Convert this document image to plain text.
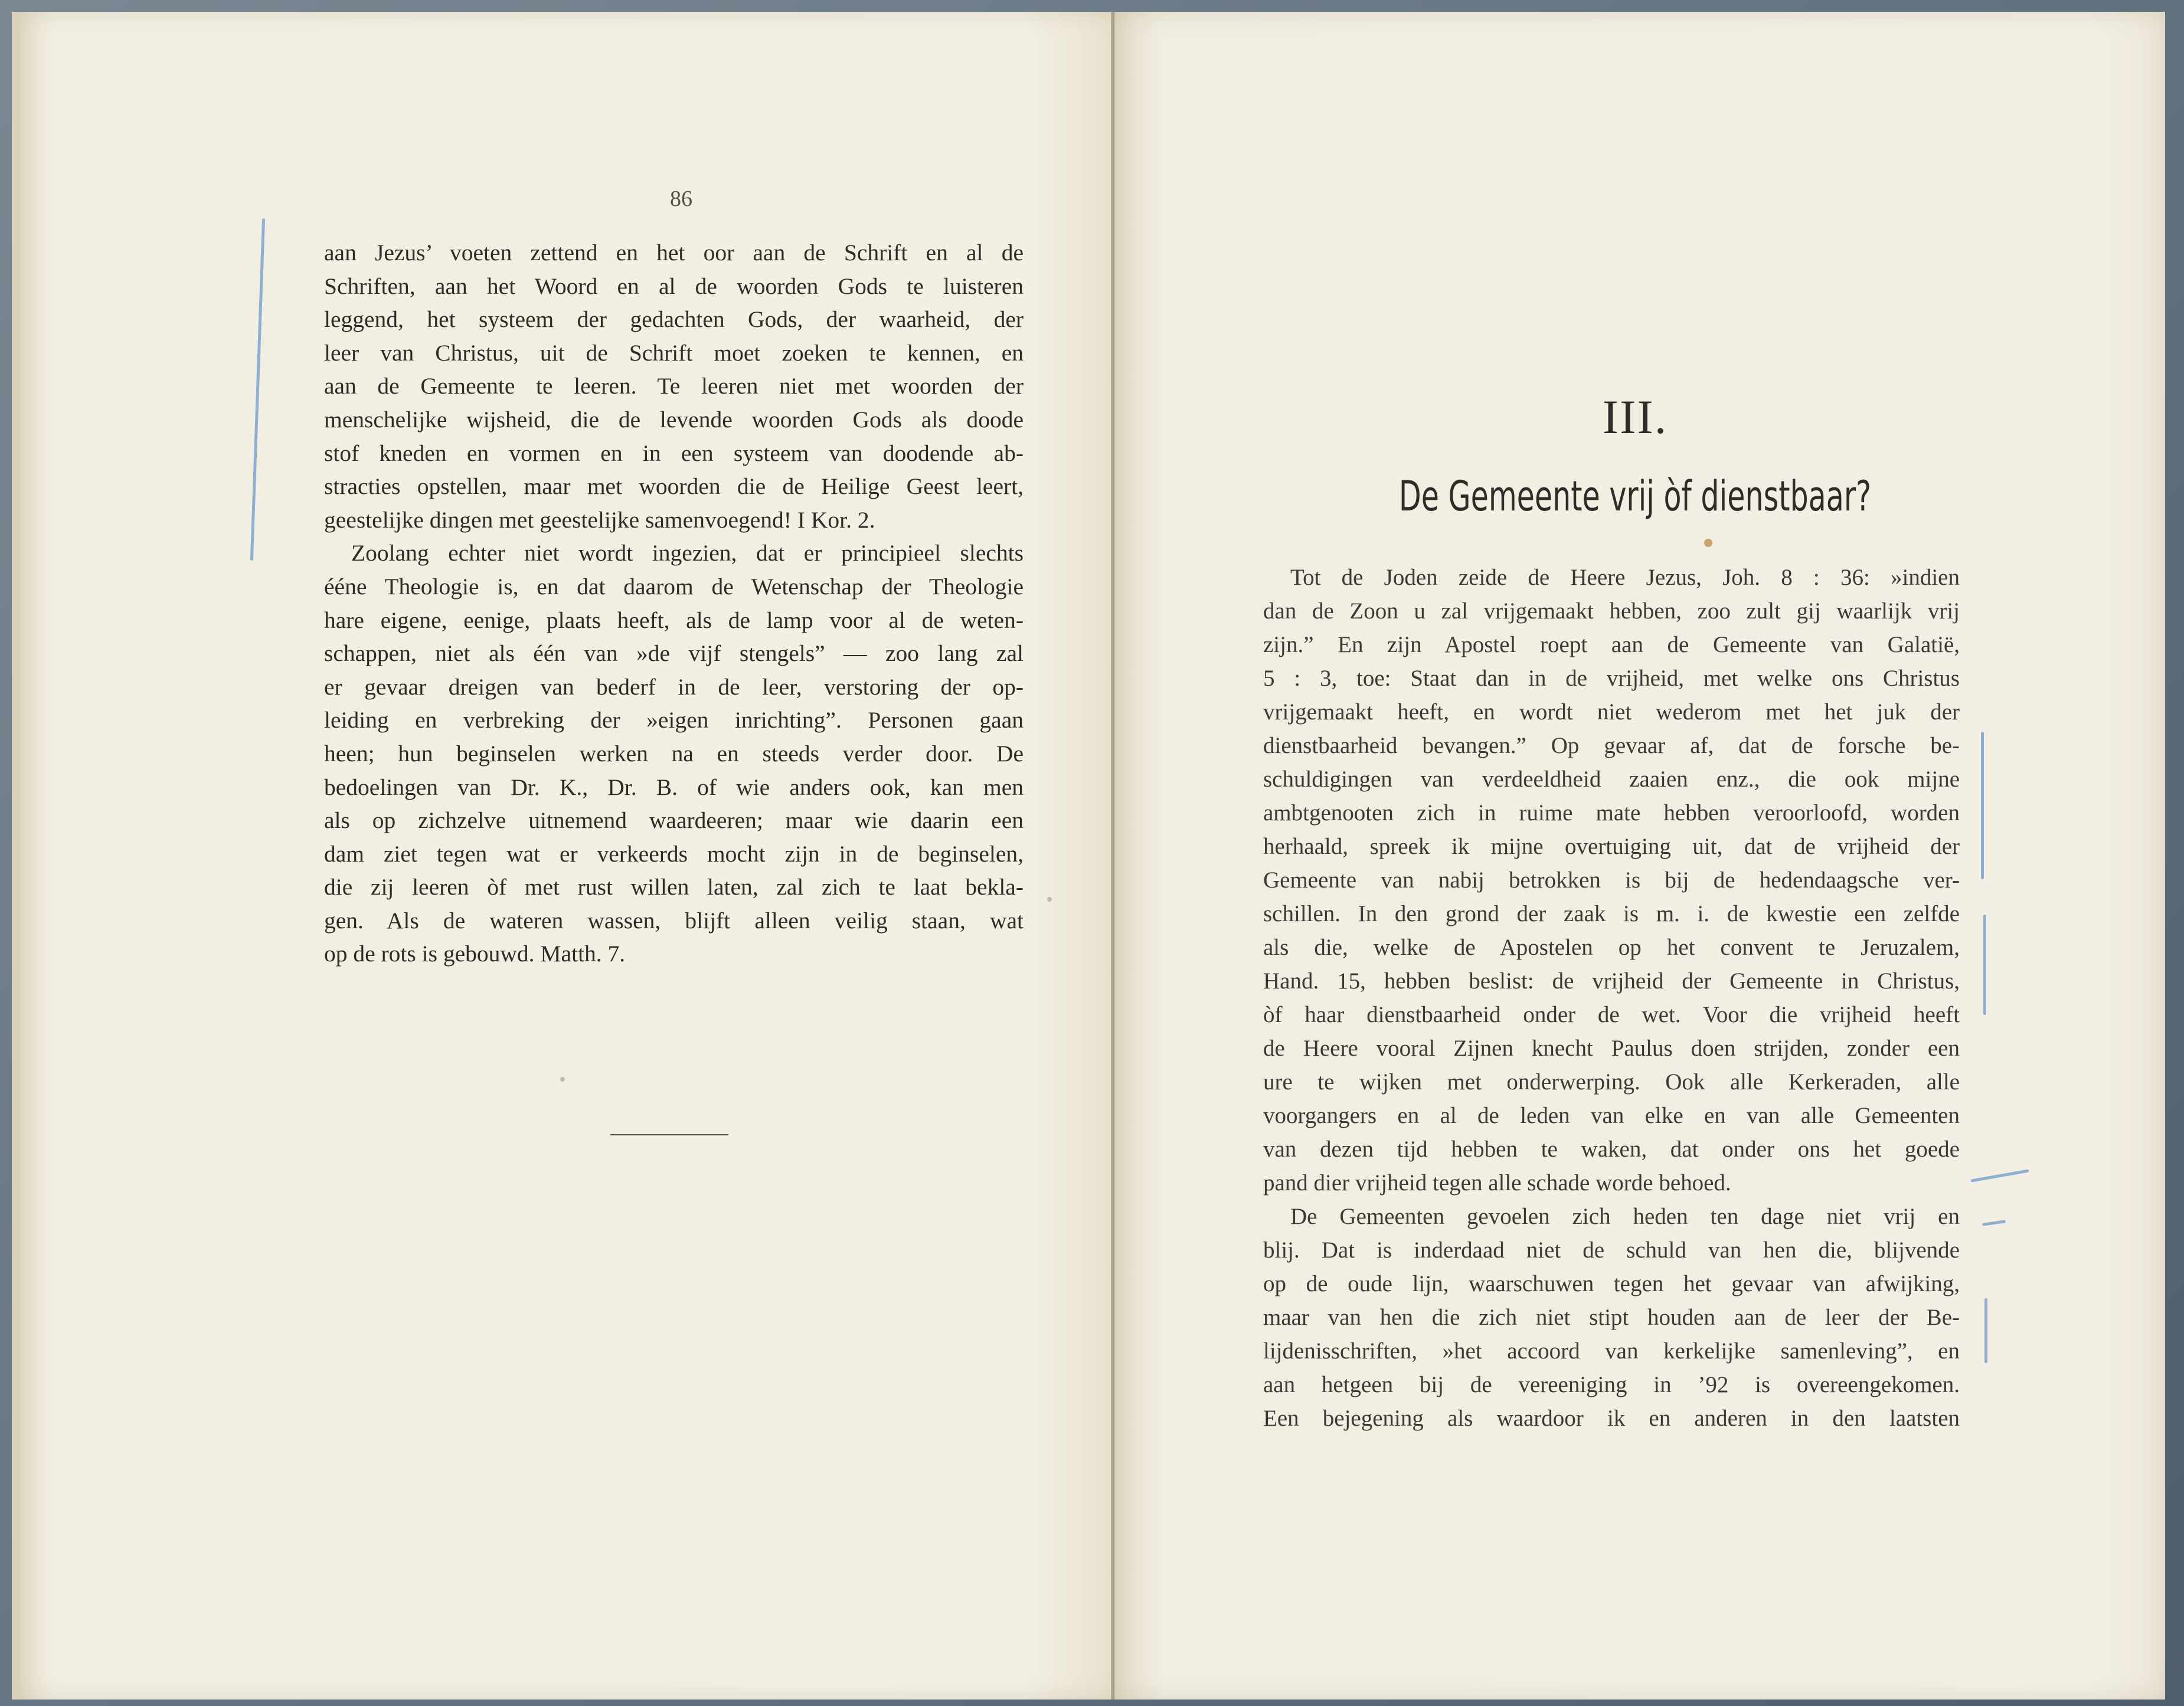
86
aan Jezus’ voeten zettend en het oor aan de Schrift en al de
Schriften, aan het Woord en al de woorden Gods te luisteren
leggend, het systeem der gedachten Gods, der waarheid, der
leer van Christus, uit de Schrift moet zoeken te kennen, en
aan de Gemeente te leeren. Te leeren niet met woorden der
menschelijke wijsheid, die de levende woorden Gods als doode
stof kneden en vormen en in een systeem van doodende ab-
stracties opstellen, maar met woorden die de Heilige Geest leert,
geestelijke dingen met geestelijke samenvoegend! I Kor. 2.
Zoolang echter niet wordt ingezien, dat er principieel slechts
ééne Theologie is, en dat daarom de Wetenschap der Theologie
hare eigene, eenige, plaats heeft, als de lamp voor al de weten-
schappen, niet als één van »de vijf stengels” — zoo lang zal
er gevaar dreigen van bederf in de leer, verstoring der op-
leiding en verbreking der »eigen inrichting”. Personen gaan
heen; hun beginselen werken na en steeds verder door. De
bedoelingen van Dr. K., Dr. B. of wie anders ook, kan men
als op zichzelve uitnemend waardeeren; maar wie daarin een
dam ziet tegen wat er verkeerds mocht zijn in de beginselen,
die zij leeren òf met rust willen laten, zal zich te laat bekla-
gen. Als de wateren wassen, blijft alleen veilig staan, wat
op de rots is gebouwd. Matth. 7.
III.
De Gemeente vrij òf dienstbaar?
Tot de Joden zeide de Heere Jezus, Joh. 8 : 36: »indien
dan de Zoon u zal vrijgemaakt hebben, zoo zult gij waarlijk vrij
zijn.” En zijn Apostel roept aan de Gemeente van Galatië,
5 : 3, toe: Staat dan in de vrijheid, met welke ons Christus
vrijgemaakt heeft, en wordt niet wederom met het juk der
dienstbaarheid bevangen.” Op gevaar af, dat de forsche be-
schuldigingen van verdeeldheid zaaien enz., die ook mijne
ambtgenooten zich in ruime mate hebben veroorloofd, worden
herhaald, spreek ik mijne overtuiging uit, dat de vrijheid der
Gemeente van nabij betrokken is bij de hedendaagsche ver-
schillen. In den grond der zaak is m. i. de kwestie een zelfde
als die, welke de Apostelen op het convent te Jeruzalem,
Hand. 15, hebben beslist: de vrijheid der Gemeente in Christus,
òf haar dienstbaarheid onder de wet. Voor die vrijheid heeft
de Heere vooral Zijnen knecht Paulus doen strijden, zonder een
ure te wijken met onderwerping. Ook alle Kerkeraden, alle
voorgangers en al de leden van elke en van alle Gemeenten
van dezen tijd hebben te waken, dat onder ons het goede
pand dier vrijheid tegen alle schade worde behoed.
De Gemeenten gevoelen zich heden ten dage niet vrij en
blij. Dat is inderdaad niet de schuld van hen die, blijvende
op de oude lijn, waarschuwen tegen het gevaar van afwijking,
maar van hen die zich niet stipt houden aan de leer der Be-
lijdenisschriften, »het accoord van kerkelijke samenleving”, en
aan hetgeen bij de vereeniging in ’92 is overeengekomen.
Een bejegening als waardoor ik en anderen in den laatsten
